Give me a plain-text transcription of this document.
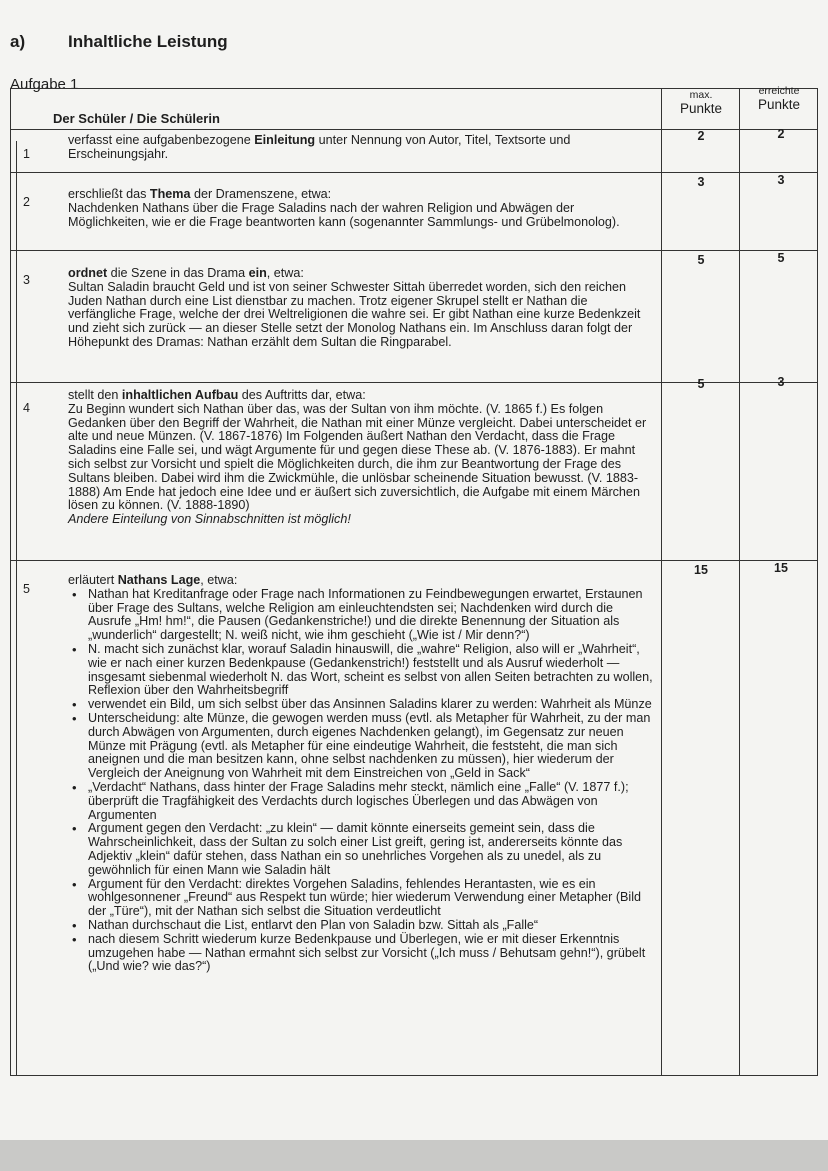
a)	Inhaltliche Leistung
Aufgabe 1
Der Schüler / Die Schülerin
max.
Punkte
erreichte
Punkte
1

verfasst eine aufgabenbezogene Einleitung unter Nennung von Autor, Titel, Textsorte und Erscheinungsjahr.

2	2
2

erschließt das Thema der Dramenszene, etwa:

Nachdenken Nathans über die Frage Saladins nach der wahren Religion und Abwägen der Möglichkeiten, wie er die Frage beantworten kann (sogenannter Sammlungs- und Grübelmonolog).

3	3
3	ordnet die Szene in das Drama ein, etwa:

Sultan Saladin braucht Geld und ist von seiner Schwester Sittah überredet worden, sich den reichen Juden Nathan durch eine List dienstbar zu machen. Trotz eigener Skrupel stellt er Nathan die verfängliche Frage, welche der drei Weltreligionen die wahre sei. Er gibt Nathan eine kurze Bedenkzeit und zieht sich zurück — an dieser Stelle setzt der Monolog Nathans ein. Im Anschluss daran folgt der Höhepunkt des Dramas: Nathan erzählt dem Sultan die Ringparabel.

5	5
4

stellt den inhaltlichen Aufbau des Auftritts dar, etwa:

Zu Beginn wundert sich Nathan über das, was der Sultan von ihm möchte. (V. 1865 f.) Es folgen Gedanken über den Begriff der Wahrheit, die Nathan mit einer Münze vergleicht. Dabei unterscheidet er alte und neue Münzen. (V. 1867-1876) Im Folgenden äußert Nathan den Verdacht, dass die Frage Saladins eine Falle sei, und wägt Argumente für und gegen diese These ab. (V. 1876-1883). Er mahnt sich selbst zur Vorsicht und spielt die Möglichkeiten durch, die ihm zur Beantwortung der Frage des Sultans bleiben. Dabei wird ihm die Zwickmühle, die unlösbar scheinende Situation bewusst. (V. 1883-1888) Am Ende hat jedoch eine Idee und er äußert sich zuversichtlich, die Aufgabe mit einem Märchen lösen zu können. (V. 1888-1890)

Andere Einteilung von Sinnabschnitten ist möglich!

5	3
5

erläutert Nathans Lage, etwa:

• Nathan hat Kreditanfrage oder Frage nach Informationen zu Feindbewegungen erwartet, Erstaunen über Frage des Sultans, welche Religion am einleuchtendsten sei; Nachdenken wird durch die Ausrufe „Hm! hm!“, die Pausen (Gedankenstriche!) und die direkte Benennung der Situation als „wunderlich“ dargestellt; N. weiß nicht, wie ihm geschieht („Wie ist / Mir denn?“)
• N. macht sich zunächst klar, worauf Saladin hinauswill, die „wahre“ Religion, also will er „Wahrheit“, wie er nach einer kurzen Bedenkpause (Gedankenstrich!) feststellt und als Ausruf wiederholt — insgesamt siebenmal wiederholt N. das Wort, scheint es selbst von allen Seiten betrachten zu wollen, Reflexion über den Wahrheitsbegriff
• verwendet ein Bild, um sich selbst über das Ansinnen Saladins klarer zu werden: Wahrheit als Münze
• Unterscheidung: alte Münze, die gewogen werden muss (evtl. als Metapher für Wahrheit, zu der man durch Abwägen von Argumenten, durch eigenes Nachdenken gelangt), im Gegensatz zur neuen Münze mit Prägung (evtl. als Metapher für eine eindeutige Wahrheit, die feststeht, die man sich aneignen und die man besitzen kann, ohne selbst nachdenken zu müssen), hier wiederum der Vergleich der Aneignung von Wahrheit mit dem Einstreichen von „Geld in Sack“
• „Verdacht“ Nathans, dass hinter der Frage Saladins mehr steckt, nämlich eine „Falle“ (V. 1877 f.); überprüft die Tragfähigkeit des Verdachts durch logisches Überlegen und das Abwägen von Argumenten
• Argument gegen den Verdacht: „zu klein“ — damit könnte einerseits gemeint sein, dass die Wahrscheinlichkeit, dass der Sultan zu solch einer List greift, gering ist, andererseits könnte das Adjektiv „klein“ dafür stehen, dass Nathan ein so unehrliches Vorgehen als zu unedel, als zu gewöhnlich für einen Mann wie Saladin hält
• Argument für den Verdacht: direktes Vorgehen Saladins, fehlendes Herantasten, wie es ein wohlgesonnener „Freund“ aus Respekt tun würde; hier wiederum Verwendung einer Metapher (Bild der „Türe“), mit der Nathan sich selbst die Situation verdeutlicht
• Nathan durchschaut die List, entlarvt den Plan von Saladin bzw. Sittah als „Falle“
• nach diesem Schritt wiederum kurze Bedenkpause und Überlegen, wie er mit dieser Erkenntnis umzugehen habe — Nathan ermahnt sich selbst zur Vorsicht („Ich muss / Behutsam gehn!“), grübelt („Und wie? wie das?“)
15	15
